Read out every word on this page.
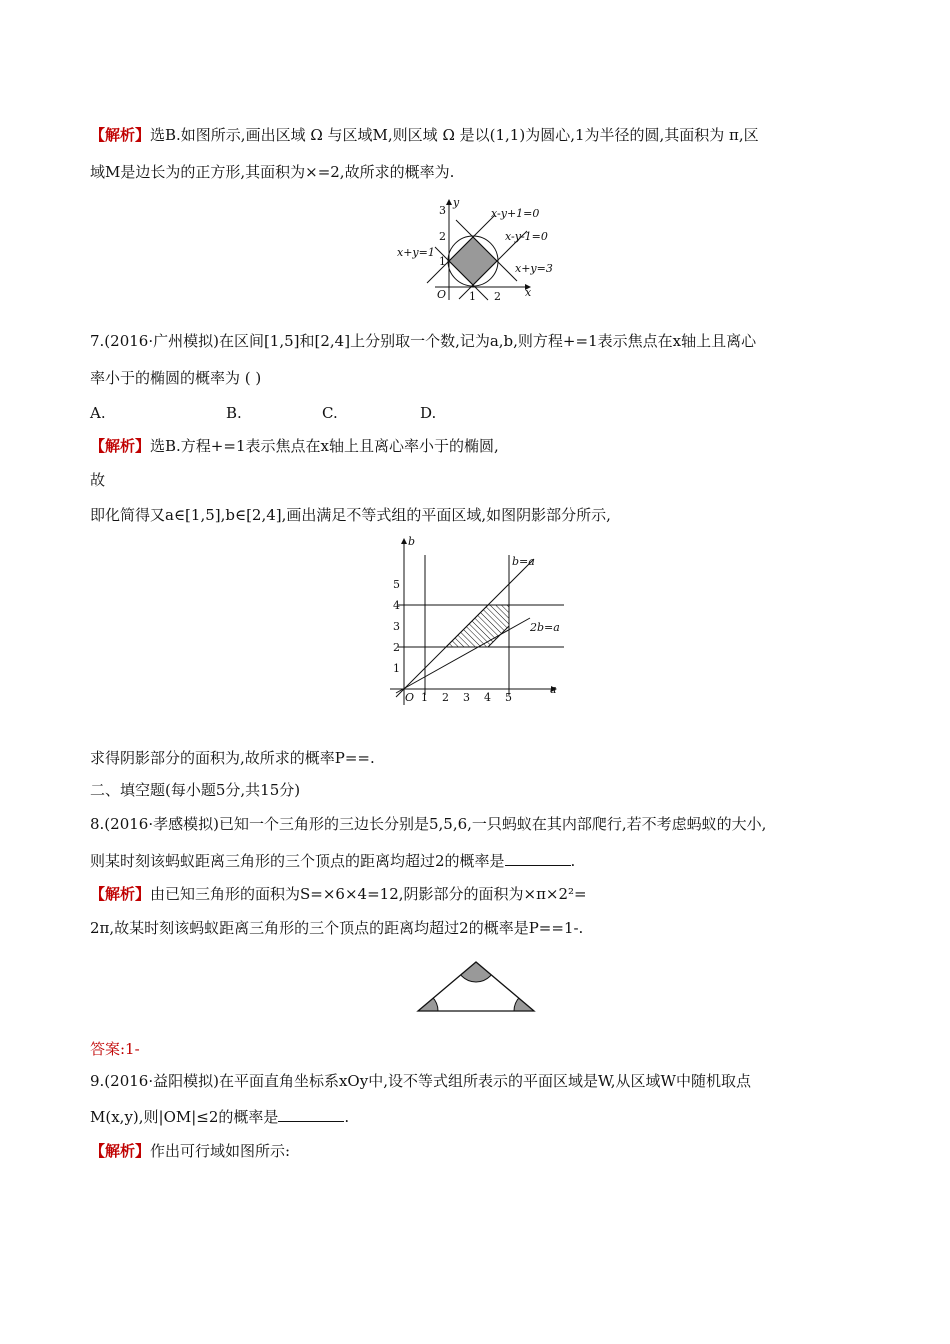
【解析】选B.如图所示,画出区域 Ω 与区域M,则区域 Ω 是以(1,1)为圆心,1为半径的圆,其面积为 π,区
域M是边长为的正方形,其面积为×=2,故所求的概率为.
y
x
O
3
2
1
1 2
x-y+1=0
x-y-1=0
x+y=1
x+y=3
7.(2016·广州模拟)在区间[1,5]和[2,4]上分别取一个数,记为a,b,则方程+=1表示焦点在x轴上且离心
率小于的椭圆的概率为 ( )
A.	B.	C.	D.
【解析】选B.方程+=1表示焦点在x轴上且离心率小于的椭圆,
故
即化简得又a∈[1,5],b∈[2,4],画出满足不等式组的平面区域,如图阴影部分所示,
b
a
O
5
4
3
2
1
1 2 3 4 5
b=a
2b=a
求得阴影部分的面积为,故所求的概率P==.
二、填空题(每小题5分,共15分)
8.(2016·孝感模拟)已知一个三角形的三边长分别是5,5,6,一只蚂蚁在其内部爬行,若不考虑蚂蚁的大小,
则某时刻该蚂蚁距离三角形的三个顶点的距离均超过2的概率是	.
【解析】由已知三角形的面积为S=×6×4=12,阴影部分的面积为×π×2²=
2π,故某时刻该蚂蚁距离三角形的三个顶点的距离均超过2的概率是P==1-.
答案:1-
9.(2016·益阳模拟)在平面直角坐标系xOy中,设不等式组所表示的平面区域是W,从区域W中随机取点
M(x,y),则|OM|≤2的概率是	.
【解析】作出可行域如图所示:
